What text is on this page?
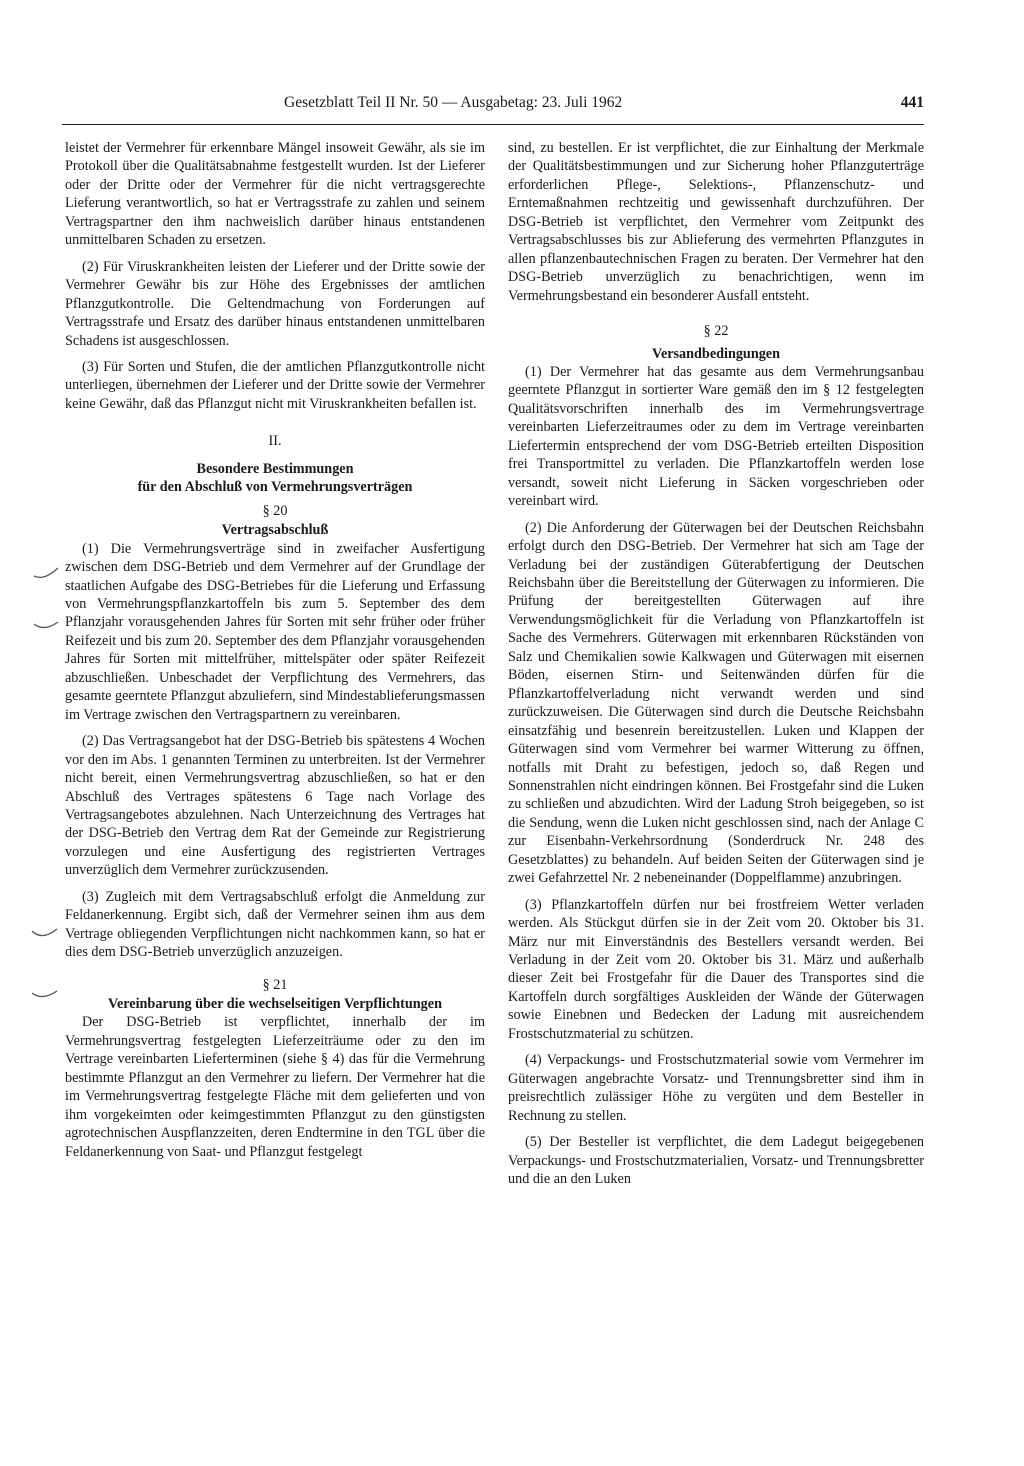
Gesetzblatt Teil II Nr. 50 — Ausgabetag: 23. Juli 1962	441

leistet der Vermehrer für erkennbare Mängel insoweit Gewähr, als sie im Protokoll über die Qualitätsabnahme festgestellt wurden. Ist der Lieferer oder der Dritte oder der Vermehrer für die nicht vertragsgerechte Lieferung verantwortlich, so hat er Vertragsstrafe zu zahlen und seinem Vertragspartner den ihm nachweislich darüber hinaus entstandenen unmittelbaren Schaden zu ersetzen.

(2) Für Viruskrankheiten leisten der Lieferer und der Dritte sowie der Vermehrer Gewähr bis zur Höhe des Ergebnisses der amtlichen Pflanzgutkontrolle. Die Geltendmachung von Forderungen auf Vertragsstrafe und Ersatz des darüber hinaus entstandenen unmittelbaren Schadens ist ausgeschlossen.

(3) Für Sorten und Stufen, die der amtlichen Pflanzgutkontrolle nicht unterliegen, übernehmen der Lieferer und der Dritte sowie der Vermehrer keine Gewähr, daß das Pflanzgut nicht mit Viruskrankheiten befallen ist.

II.
Besondere Bestimmungen
für den Abschluß von Vermehrungsverträgen
§ 20
Vertragsabschluß

(1) Die Vermehrungsverträge sind in zweifacher Ausfertigung zwischen dem DSG-Betrieb und dem Vermehrer auf der Grundlage der staatlichen Aufgabe des DSG-Betriebes für die Lieferung und Erfassung von Vermehrungspflanzkartoffeln bis zum 5. September des dem Pflanzjahr vorausgehenden Jahres für Sorten mit sehr früher oder früher Reifezeit und bis zum 20. September des dem Pflanzjahr vorausgehenden Jahres für Sorten mit mittelfrüher, mittelspäter oder später Reifezeit abzuschließen. Unbeschadet der Verpflichtung des Vermehrers, das gesamte geerntete Pflanzgut abzuliefern, sind Mindestablieferungsmassen im Vertrage zwischen den Vertragspartnern zu vereinbaren.

(2) Das Vertragsangebot hat der DSG-Betrieb bis spätestens 4 Wochen vor den im Abs. 1 genannten Terminen zu unterbreiten. Ist der Vermehrer nicht bereit, einen Vermehrungsvertrag abzuschließen, so hat er den Abschluß des Vertrages spätestens 6 Tage nach Vorlage des Vertragsangebotes abzulehnen. Nach Unterzeichnung des Vertrages hat der DSG-Betrieb den Vertrag dem Rat der Gemeinde zur Registrierung vorzulegen und eine Ausfertigung des registrierten Vertrages unverzüglich dem Vermehrer zurückzusenden.

(3) Zugleich mit dem Vertragsabschluß erfolgt die Anmeldung zur Feldanerkennung. Ergibt sich, daß der Vermehrer seinen ihm aus dem Vertrage obliegenden Verpflichtungen nicht nachkommen kann, so hat er dies dem DSG-Betrieb unverzüglich anzuzeigen.

§ 21
Vereinbarung über die wechselseitigen Verpflichtungen

Der DSG-Betrieb ist verpflichtet, innerhalb der im Vermehrungsvertrag festgelegten Lieferzeiträume oder zu den im Vertrage vereinbarten Lieferterminen (siehe § 4) das für die Vermehrung bestimmte Pflanzgut an den Vermehrer zu liefern. Der Vermehrer hat die im Vermehrungsvertrag festgelegte Fläche mit dem gelieferten und von ihm vorgekeimten oder keimgestimmten Pflanzgut zu den günstigsten agrotechnischen Auspflanzzeiten, deren Endtermine in den TGL über die Feldanerkennung von Saat- und Pflanzgut festgelegt

sind, zu bestellen. Er ist verpflichtet, die zur Einhaltung der Merkmale der Qualitätsbestimmungen und zur Sicherung hoher Pflanzguterträge erforderlichen Pflege-, Selektions-, Pflanzenschutz- und Erntemaßnahmen rechtzeitig und gewissenhaft durchzuführen. Der DSG-Betrieb ist verpflichtet, den Vermehrer vom Zeitpunkt des Vertragsabschlusses bis zur Ablieferung des vermehrten Pflanzgutes in allen pflanzenbautechnischen Fragen zu beraten. Der Vermehrer hat den DSG-Betrieb unverzüglich zu benachrichtigen, wenn im Vermehrungsbestand ein besonderer Ausfall entsteht.

§ 22
Versandbedingungen

(1) Der Vermehrer hat das gesamte aus dem Vermehrungsanbau geerntete Pflanzgut in sortierter Ware gemäß den im § 12 festgelegten Qualitätsvorschriften innerhalb des im Vermehrungsvertrage vereinbarten Lieferzeitraumes oder zu dem im Vertrage vereinbarten Liefertermin entsprechend der vom DSG-Betrieb erteilten Disposition frei Transportmittel zu verladen. Die Pflanzkartoffeln werden lose versandt, soweit nicht Lieferung in Säcken vorgeschrieben oder vereinbart wird.

(2) Die Anforderung der Güterwagen bei der Deutschen Reichsbahn erfolgt durch den DSG-Betrieb. Der Vermehrer hat sich am Tage der Verladung bei der zuständigen Güterabfertigung der Deutschen Reichsbahn über die Bereitstellung der Güterwagen zu informieren. Die Prüfung der bereitgestellten Güterwagen auf ihre Verwendungsmöglichkeit für die Verladung von Pflanzkartoffeln ist Sache des Vermehrers. Güterwagen mit erkennbaren Rückständen von Salz und Chemikalien sowie Kalkwagen und Güterwagen mit eisernen Böden, eisernen Stirn- und Seitenwänden dürfen für die Pflanzkartoffelverladung nicht verwandt werden und sind zurückzuweisen. Die Güterwagen sind durch die Deutsche Reichsbahn einsatzfähig und besenrein bereitzustellen. Luken und Klappen der Güterwagen sind vom Vermehrer bei warmer Witterung zu öffnen, notfalls mit Draht zu befestigen, jedoch so, daß Regen und Sonnenstrahlen nicht eindringen können. Bei Frostgefahr sind die Luken zu schließen und abzudichten. Wird der Ladung Stroh beigegeben, so ist die Sendung, wenn die Luken nicht geschlossen sind, nach der Anlage C zur Eisenbahn-Verkehrsordnung (Sonderdruck Nr. 248 des Gesetzblattes) zu behandeln. Auf beiden Seiten der Güterwagen sind je zwei Gefahrzettel Nr. 2 nebeneinander (Doppelflamme) anzubringen.

(3) Pflanzkartoffeln dürfen nur bei frostfreiem Wetter verladen werden. Als Stückgut dürfen sie in der Zeit vom 20. Oktober bis 31. März nur mit Einverständnis des Bestellers versandt werden. Bei Verladung in der Zeit vom 20. Oktober bis 31. März und außerhalb dieser Zeit bei Frostgefahr für die Dauer des Transportes sind die Kartoffeln durch sorgfältiges Auskleiden der Wände der Güterwagen sowie Einebnen und Bedecken der Ladung mit ausreichendem Frostschutzmaterial zu schützen.

(4) Verpackungs- und Frostschutzmaterial sowie vom Vermehrer im Güterwagen angebrachte Vorsatz- und Trennungsbretter sind ihm in preisrechtlich zulässiger Höhe zu vergüten und dem Besteller in Rechnung zu stellen.

(5) Der Besteller ist verpflichtet, die dem Ladegut beigegebenen Verpackungs- und Frostschutzmaterialien, Vorsatz- und Trennungsbretter und die an den Luken
